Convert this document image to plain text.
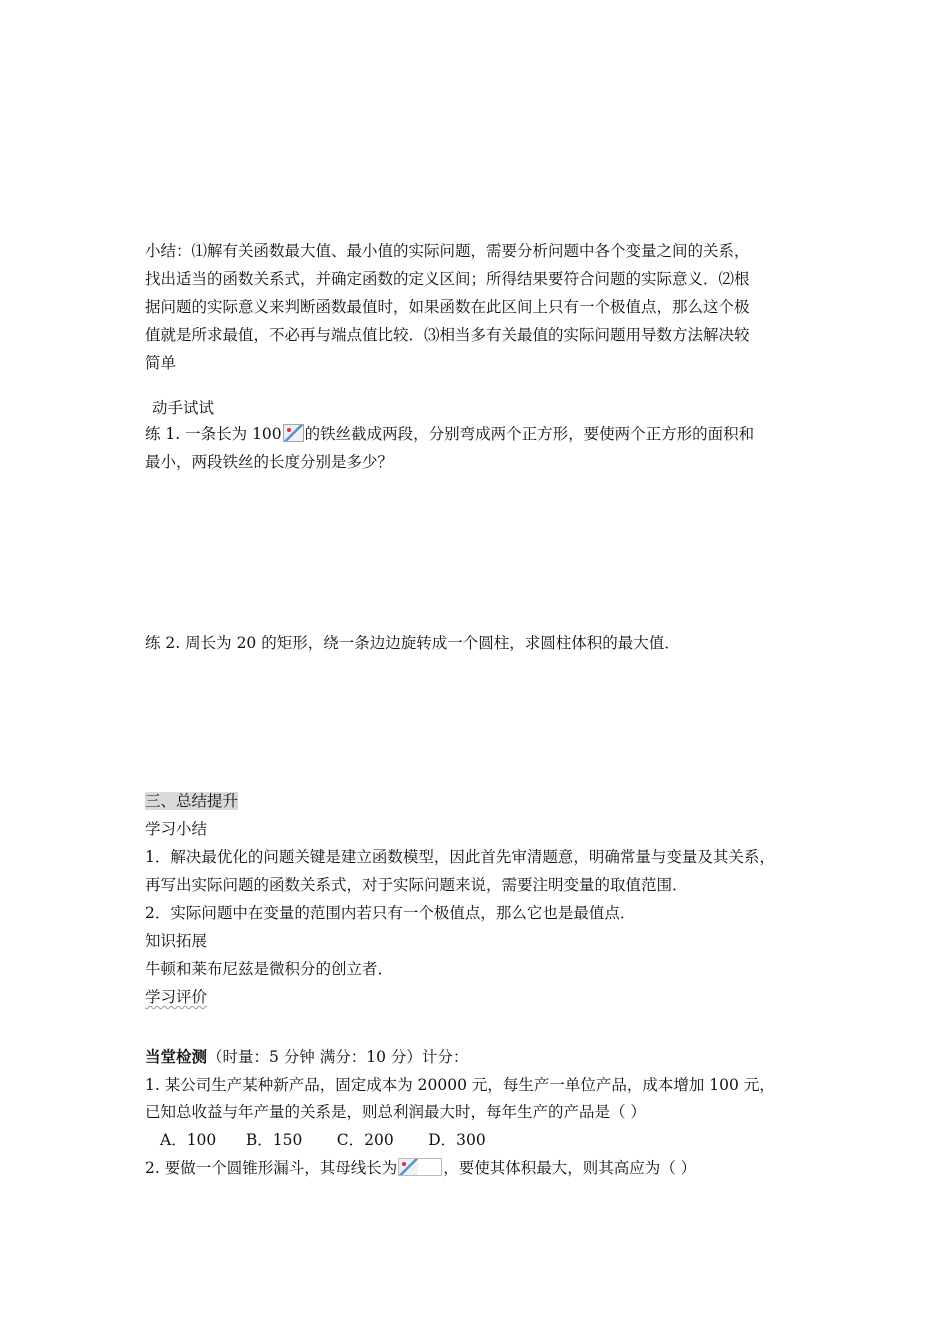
小结：⑴解有关函数最大值、最小值的实际问题，需要分析问题中各个变量之间的关系，
找出适当的函数关系式，并确定函数的定义区间；所得结果要符合问题的实际意义．⑵根
据问题的实际意义来判断函数最值时，如果函数在此区间上只有一个极值点，那么这个极
值就是所求最值，不必再与端点值比较．⑶相当多有关最值的实际问题用导数方法解决较
简单
动手试试
练 1. 一条长为 100 的铁丝截成两段，分别弯成两个正方形，要使两个正方形的面积和
最小，两段铁丝的长度分别是多少？
练 2. 周长为 20 的矩形，绕一条边边旋转成一个圆柱，求圆柱体积的最大值．
三、总结提升
学习小结
1．解决最优化的问题关键是建立函数模型，因此首先审清题意，明确常量与变量及其关系，
再写出实际问题的函数关系式，对于实际问题来说，需要注明变量的取值范围．
2．实际问题中在变量的范围内若只有一个极值点，那么它也是最值点．
知识拓展
牛顿和莱布尼兹是微积分的创立者．
学习评价
当堂检测（时量：5 分钟 满分：10 分）计分：
1. 某公司生产某种新产品，固定成本为 20000 元，每生产一单位产品，成本增加 100 元，
已知总收益与年产量的关系是，则总利润最大时，每年生产的产品是（ ）
A．100      B．150       C．200       D．300
2. 要做一个圆锥形漏斗，其母线长为	，要使其体积最大，则其高应为（ ）
